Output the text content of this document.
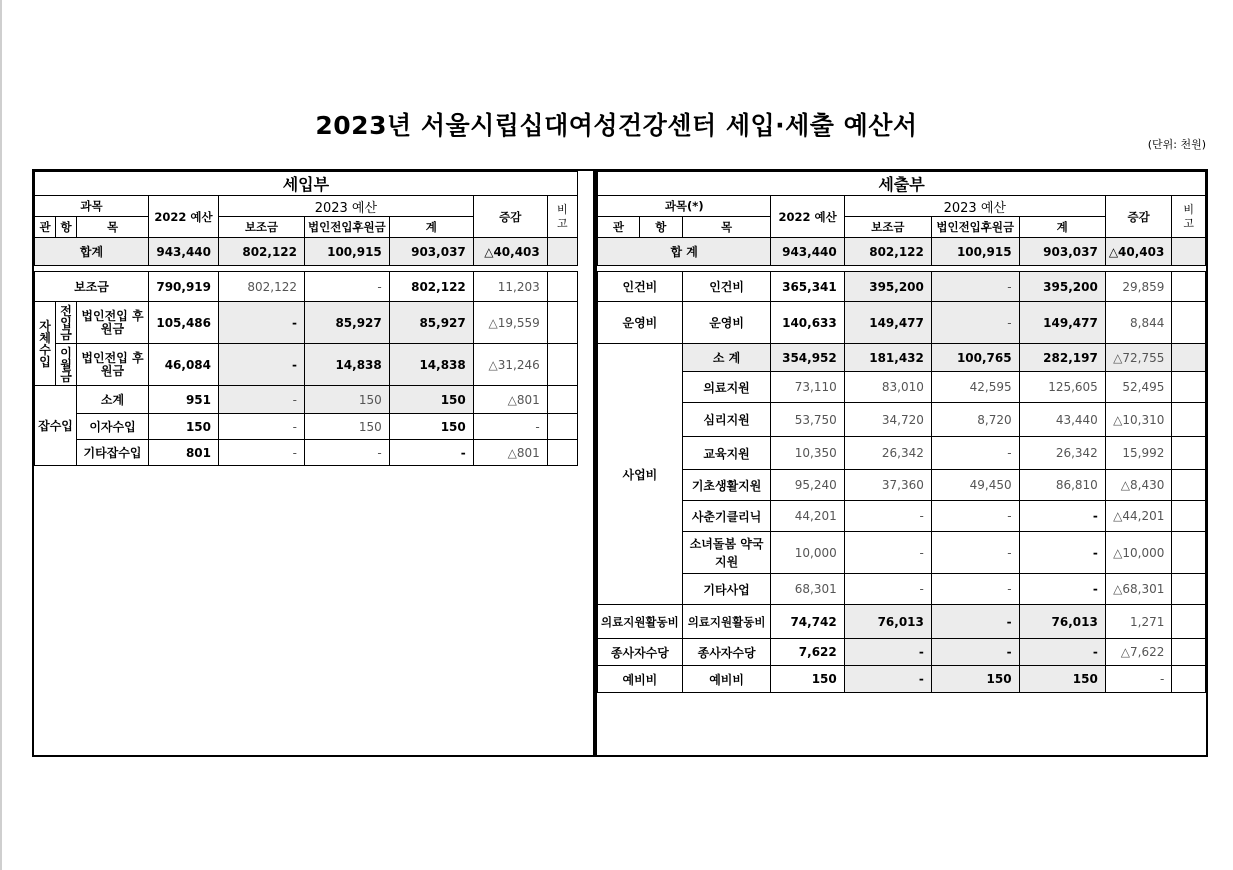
2023년 서울시립십대여성건강센터 세입·세출 예산서
(단위: 천원)
세입부								
과목			2022 예산	2023 예산			증감	비
고
관	항	목		보조금	법인전입후원금	계		
합계			943,440	802,122	100,915	903,037	△40,403	

보조금			790,919	802,122	-	802,122	11,203	
자체수입	전입금	법인전입 후원금	105,486	-	85,927	85,927	△19,559	
	이월금	법인전입 후원금	46,084	-	14,838	14,838	△31,246	
잡수입		소계	951	-	150	150	△801	
		이자수입	150	-	150	150	-	
		기타잡수입	801	-	-	-	△801	
세출부								
과목(*)			2022 예산	2023 예산			증감	비
고
관	항	목		보조금	법인전입후원금	계		
합 계			943,440	802,122	100,915	903,037	△40,403	

인건비		인건비	365,341	395,200	-	395,200	29,859	
운영비		운영비	140,633	149,477	-	149,477	8,844	
사업비		소 계	354,952	181,432	100,765	282,197	△72,755	
		의료지원	73,110	83,010	42,595	125,605	52,495	
		심리지원	53,750	34,720	8,720	43,440	△10,310	
		교육지원	10,350	26,342	-	26,342	15,992	
		기초생활지원	95,240	37,360	49,450	86,810	△8,430	
		사춘기클리닉	44,201	-	-	-	△44,201	
		소녀돌봄 약국지원	10,000	-	-	-	△10,000	
		기타사업	68,301	-	-	-	△68,301	
의료지원활동비		의료지원활동비	74,742	76,013	-	76,013	1,271	
종사자수당		종사자수당	7,622	-	-	-	△7,622	
예비비		예비비	150	-	150	150	-	
